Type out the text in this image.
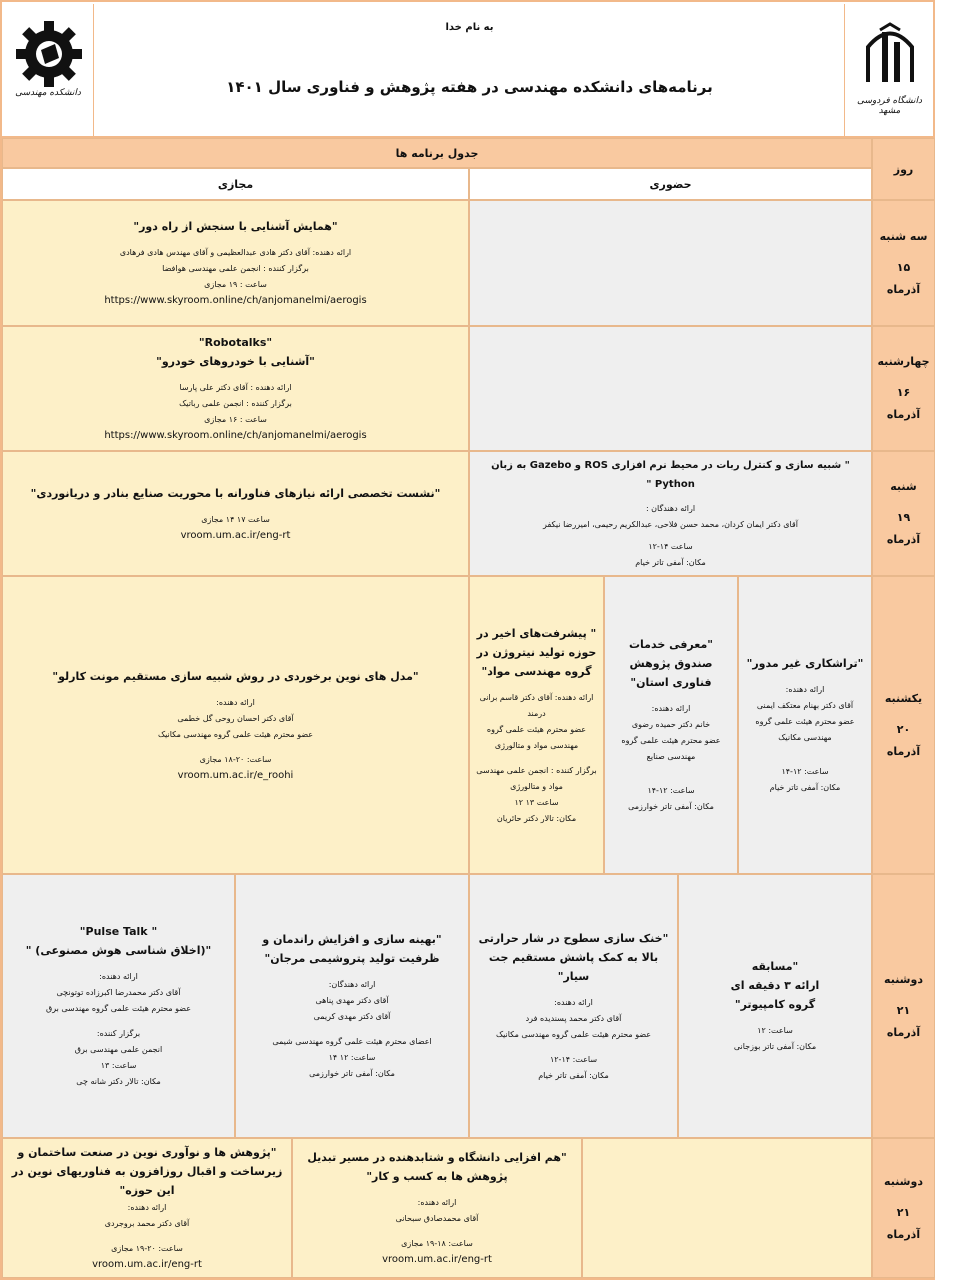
دانشکده مهندسی
به نام خدا
برنامه‌های دانشکده مهندسی در هفته پژوهش و فناوری سال ۱۴۰۱
دانشگاه فردوسی مشهد
جدول برنامه ها
روز
حضوری
مجازی
سه شنبه
۱۵
آذرماه
"همایش آشنایی با سنجش از راه دور"
ارائه دهنده: آقای دکتر هادی عبدالعظیمی و آقای مهندس هادی فرهادی
برگزار کننده : انجمن علمی مهندسی هوافضا
ساعت : ۱۹ مجازی
https://www.skyroom.online/ch/anjomanelmi/aerogis
چهارشنبه
۱۶
آذرماه
"Robotalks"
"آشنایی با خودروهای خودرو"
ارائه دهنده : آقای دکتر علی پارسا
برگزار کننده : انجمن علمی رباتیک
ساعت : ۱۶ مجازی
https://www.skyroom.online/ch/anjomanelmi/aerogis
شنبه
۱۹
آذرماه
" شبیه سازی و کنترل ربات در محیط نرم افزاری ROS و Gazebo به زبان Python "
ارائه دهندگان :
آقای دکتر ایمان کردان، محمد حسن فلاحی، عبدالکریم رحیمی، امیررضا نیکفر
ساعت ۱۴-۱۲
مکان: آمفی تاتر خیام
"نشست تخصصی ارائه نیازهای فناورانه با محوریت صنایع بنادر و دریانوردی"
ساعت ۱۷ ۱۴ مجازی
vroom.um.ac.ir/eng-rt
یکشنبه
۲۰
آذرماه
"تراشکاری غیر مدور"
ارائه دهنده:
آقای دکتر بهنام معتکف ایمنی
عضو محترم هیئت علمی گروه مهندسی مکانیک
ساعت: ۱۲-۱۴
مکان: آمفی تاتر خیام
"معرفی خدمات صندوق پژوهش فناوری استان"
ارائه دهنده:
خانم دکتر حمیده رضوی
عضو محترم هیئت علمی گروه مهندسی صنایع
ساعت: ۱۲-۱۴
مکان: آمفی تاتر خوارزمی
" پیشرفت‌های اخیر در حوزه تولید نیتروژن در گروه مهندسی مواد"
ارائه دهنده: آقای دکتر قاسم برانی درمند
عضو محترم هیئت علمی گروه مهندسی مواد و متالورژی
برگزار کننده : انجمن علمی مهندسی مواد و متالورژی
ساعت ۱۳ ۱۲
مکان: تالار دکتر حائریان
"مدل های نوین برخوردی در روش شبیه سازی مستقیم مونت کارلو"
ارائه دهنده:
آقای دکتر احسان روحی گل خطمی
عضو محترم هیئت علمی گروه مهندسی مکانیک
ساعت: ۲۰-۱۸ مجازی
vroom.um.ac.ir/e_roohi
دوشنبه
۲۱
آذرماه
"مسابقه
ارائه ۳ دقیقه ای
گروه کامپیوتر"
ساعت: ۱۲
مکان: آمفی تاتر بوزجانی
"خنک سازی سطوح در شار حرارتی بالا به کمک پاشش مستقیم جت سیار"
ارائه دهنده:
آقای دکتر محمد پسندیده فرد
عضو محترم هیئت علمی گروه مهندسی مکانیک
ساعت: ۱۴-۱۲
مکان: آمفی تاتر خیام
"بهینه سازی و افزایش راندمان و ظرفیت تولید پتروشیمی مرجان"
ارائه دهندگان:
آقای دکتر مهدی پناهی
آقای دکتر مهدی کریمی
اعضای محترم هیئت علمی گروه مهندسی شیمی
ساعت: ۱۲ ۱۴
مکان: آمفی تاتر خوارزمی
" Pulse Talk"
"(اخلاق شناسی هوش مصنوعی) "
ارائه دهنده:
آقای دکتر محمدرضا اکبرزاده توتونچی
عضو محترم هیئت علمی گروه مهندسی برق
برگزار کننده:
انجمن علمی مهندسی برق
ساعت: ۱۳
مکان: تالار دکتر شانه چی
دوشنبه
۲۱
آذرماه
"هم افزایی دانشگاه و شتابدهنده در مسیر تبدیل پژوهش ها به کسب و کار"
ارائه دهنده:
آقای محمدصادق سبحانی
ساعت: ۱۸-۱۹ مجازی
vroom.um.ac.ir/eng-rt
"پژوهش ها و نوآوری نوین در صنعت ساختمان و زیرساخت و اقبال روزافزون به فناوریهای نوین در این حوزه"
ارائه دهنده:
آقای دکتر محمد بروجردی
ساعت: ۲۰-۱۹ مجازی
vroom.um.ac.ir/eng-rt
